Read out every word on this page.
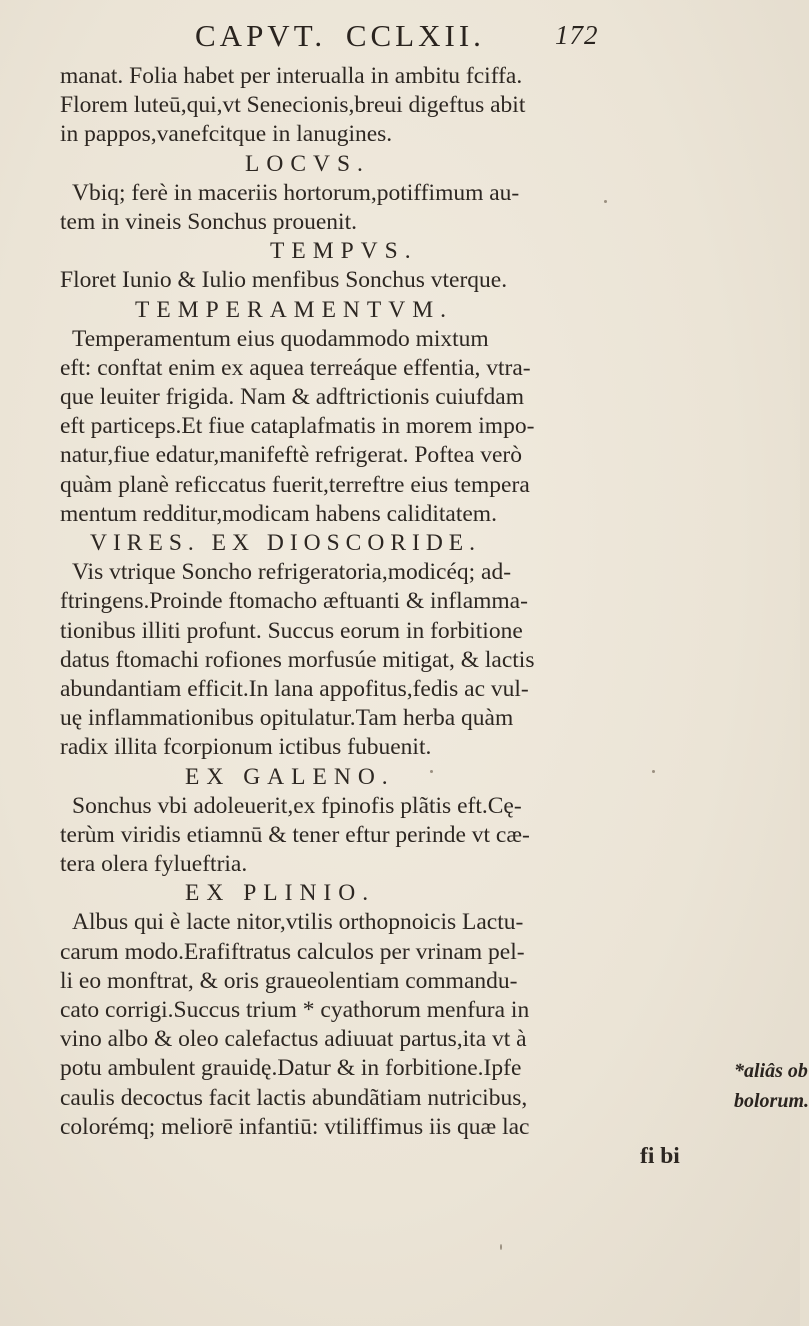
CAPVT. CCLXII.	172
manat. Folia habet per interualla in ambitu fciffa.
Florem luteū,qui,vt Senecionis,breui digeftus abit
in pappos,vanefcitque in lanugines.
LOCVS.
Vbiq; ferè in maceriis hortorum,potiffimum au-
tem in vineis Sonchus prouenit.
TEMPVS.
Floret Iunio & Iulio menfibus Sonchus vterque.
TEMPERAMENTVM.
Temperamentum eius quodammodo mixtum
eft: conftat enim ex aquea terreáque effentia, vtra-
que leuiter frigida. Nam & adftrictionis cuiufdam
eft particeps.Et fiue cataplafmatis in morem impo-
natur,fiue edatur,manifeftè refrigerat. Poftea verò
quàm planè reficcatus fuerit,terreftre eius tempera
mentum redditur,modicam habens caliditatem.
VIRES. EX DIOSCORIDE.
Vis vtrique Soncho refrigeratoria,modicéq; ad-
ftringens.Proinde ftomacho æftuanti & inflamma-
tionibus illiti profunt. Succus eorum in forbitione
datus ftomachi rofiones morfusúe mitigat, & lactis
abundantiam efficit.In lana appofitus,fedis ac vul-
uę inflammationibus opitulatur.Tam herba quàm
radix illita fcorpionum ictibus fubuenit.
EX GALENO.
Sonchus vbi adoleuerit,ex fpinofis plãtis eft.Cę-
terùm viridis etiamnū & tener eftur perinde vt cæ-
tera olera fylueftria.
EX PLINIO.
Albus qui è lacte nitor,vtilis orthopnoicis Lactu-
carum modo.Erafiftratus calculos per vrinam pel-
li eo monftrat, & oris graueolentiam commandu-
cato corrigi.Succus trium * cyathorum menfura in
vino albo & oleo calefactus adiuuat partus,ita vt à
potu ambulent grauidę.Datur & in forbitione.Ipfe
caulis decoctus facit lactis abundãtiam nutricibus,
colorémq; meliorē infantiū: vtiliffimus iis quæ lac
fi bi
*aliâs ob
bolorum.
